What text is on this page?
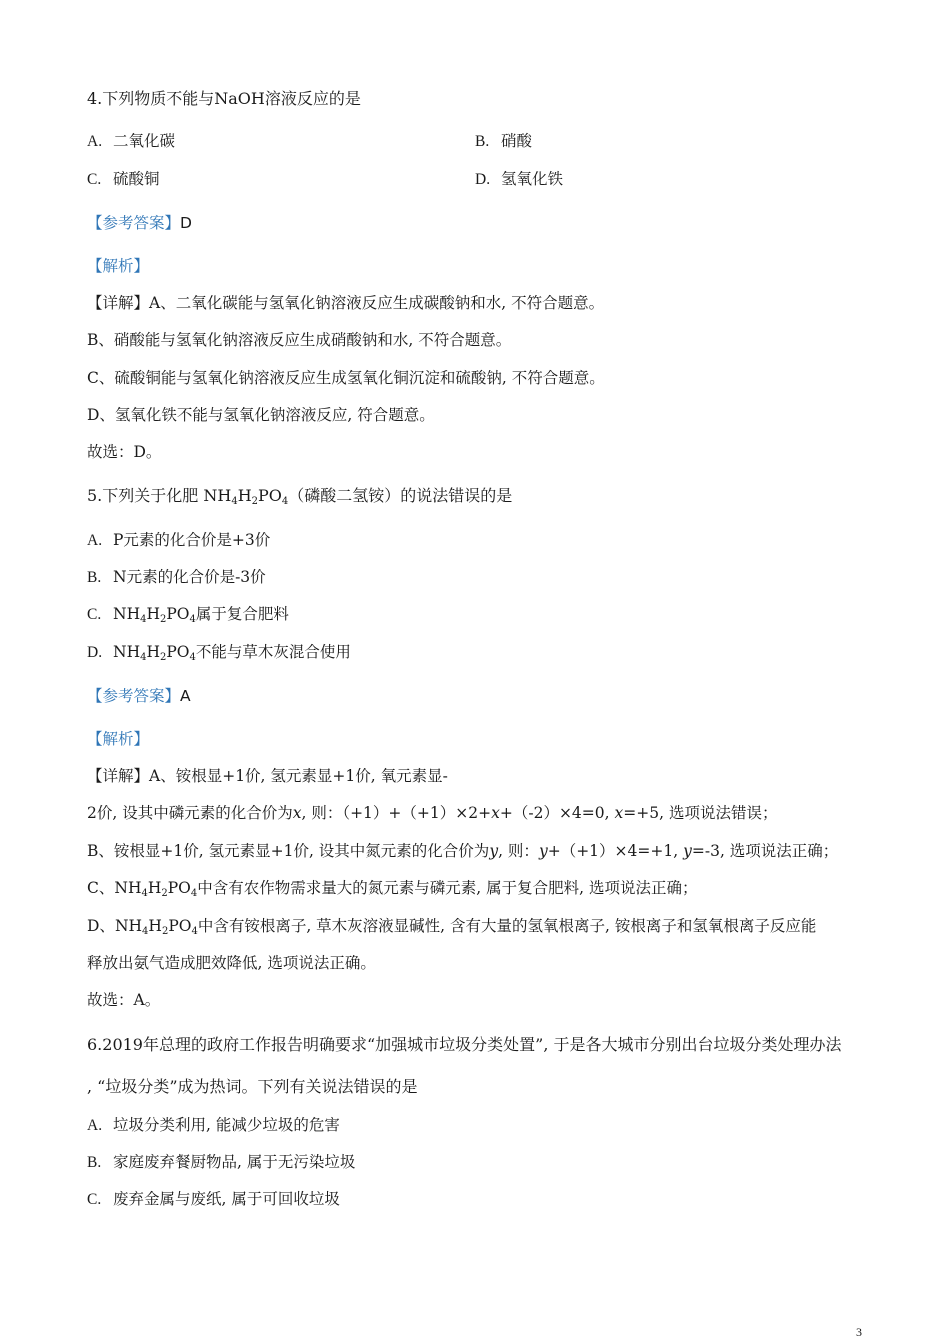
4.下列物质不能与NaOH溶液反应的是
A. 二氧化碳	B. 硝酸
C. 硫酸铜	D. 氢氧化铁
【参考答案】D
【解析】
【详解】A、二氧化碳能与氢氧化钠溶液反应生成碳酸钠和水, 不符合题意。
B、硝酸能与氢氧化钠溶液反应生成硝酸钠和水, 不符合题意。
C、硫酸铜能与氢氧化钠溶液反应生成氢氧化铜沉淀和硫酸钠, 不符合题意。
D、氢氧化铁不能与氢氧化钠溶液反应, 符合题意。
故选：D。
5.下列关于化肥 $NH_4H_2PO_4$（磷酸二氢铵）的说法错误的是
A. P元素的化合价是+3价
B. N元素的化合价是-3价
C. $NH_4H_2PO_4$属于复合肥料
D. $NH_4H_2PO_4$不能与草木灰混合使用
【参考答案】A
【解析】
【详解】A、铵根显+1价, 氢元素显+1价, 氧元素显-
2价, 设其中磷元素的化合价为x, 则：（+1）+（+1）×2+x+（-2）×4=0, x=+5, 选项说法错误；
B、铵根显+1价, 氢元素显+1价, 设其中氮元素的化合价为y, 则：y+（+1）×4=+1, y=-3, 选项说法正确；
C、$NH_4H_2PO_4$中含有农作物需求量大的氮元素与磷元素, 属于复合肥料, 选项说法正确；
D、$NH_4H_2PO_4$中含有铵根离子, 草木灰溶液显碱性, 含有大量的氢氧根离子, 铵根离子和氢氧根离子反应能
释放出氨气造成肥效降低, 选项说法正确。
故选：A。
6.2019年总理的政府工作报告明确要求“加强城市垃圾分类处置”, 于是各大城市分别出台垃圾分类处理办法
, “垃圾分类”成为热词。下列有关说法错误的是
A. 垃圾分类利用, 能减少垃圾的危害
B. 家庭废弃餐厨物品, 属于无污染垃圾
C. 废弃金属与废纸, 属于可回收垃圾
3
